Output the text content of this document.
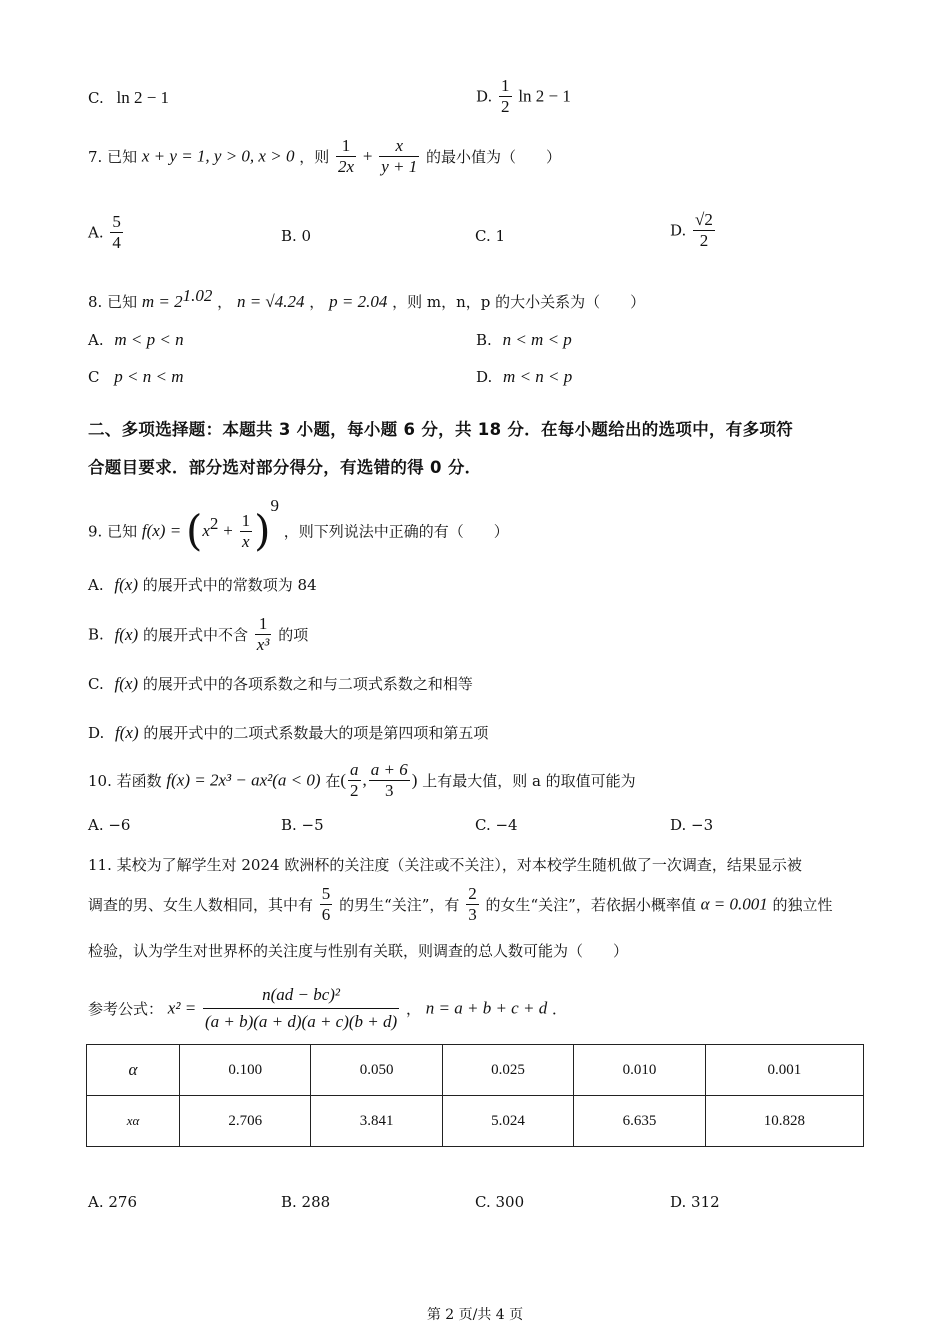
C. ln 2 − 1	D. $\frac{1}{2}$ ln 2 − 1
7. 已知 x + y = 1, y > 0, x > 0 ，则 $\frac{1}{2x} + \frac{x}{y + 1}$ 的最小值为（　　）
A. $\frac{5}{4}$	B. 0	C. 1	D. $\frac{√2}{2}$
8. 已知 $m = 2^{1.02}$ ， n = √4.24 ， p = 2.04 ，则 m，n，p 的大小关系为（　　）
A. m < p < n	B. n < m < p
C p < n < m	D. m < n < p
二、多项选择题：本题共 3 小题，每小题 6 分，共 18 分．在每小题给出的选项中，有多项符
合题目要求．部分选对部分得分，有选错的得 0 分．
9. 已知 $f(x) = (x^2 + \frac{1}{x} )^9$ ，则下列说法中正确的有（　　）
A. f(x) 的展开式中的常数项为 84
B. f(x) 的展开式中不含 $\frac{1}{\text{x³}}$ 的项
C. f(x) 的展开式中的各项系数之和与二项式系数之和相等
D. f(x) 的展开式中的二项式系数最大的项是第四项和第五项
10. 若函数 f(x) = 2x³ − ax²(a < 0) 在( $\frac{a}{2}$ , $\frac{a + 6}{3}$ ) 上有最大值，则 a 的取值可能为
A. −6	B. −5	C. −4	D. −3
11. 某校为了解学生对 2024 欧洲杯的关注度（关注或不关注），对本校学生随机做了一次调查，结果显示被
调查的男、女生人数相同，其中有 $\frac{5}{6}$ 的男生“关注”，有 $\frac{2}{3}$ 的女生“关注”，若依据小概率值 α = 0.001 的独立性
检验，认为学生对世界杯的关注度与性别有关联，则调查的总人数可能为（　　）
参考公式： $x^2 = \frac{\text{n(ad − bc)²}}{(a + b)(a + d)(a + c)(b + d)}$ ， n = a + b + c + d ．
α	0.100	0.050	0.025	0.010	0.001
xα	2.706	3.841	5.024	6.635	10.828
A. 276	B. 288	C. 300	D. 312
第 2 页/共 4 页
